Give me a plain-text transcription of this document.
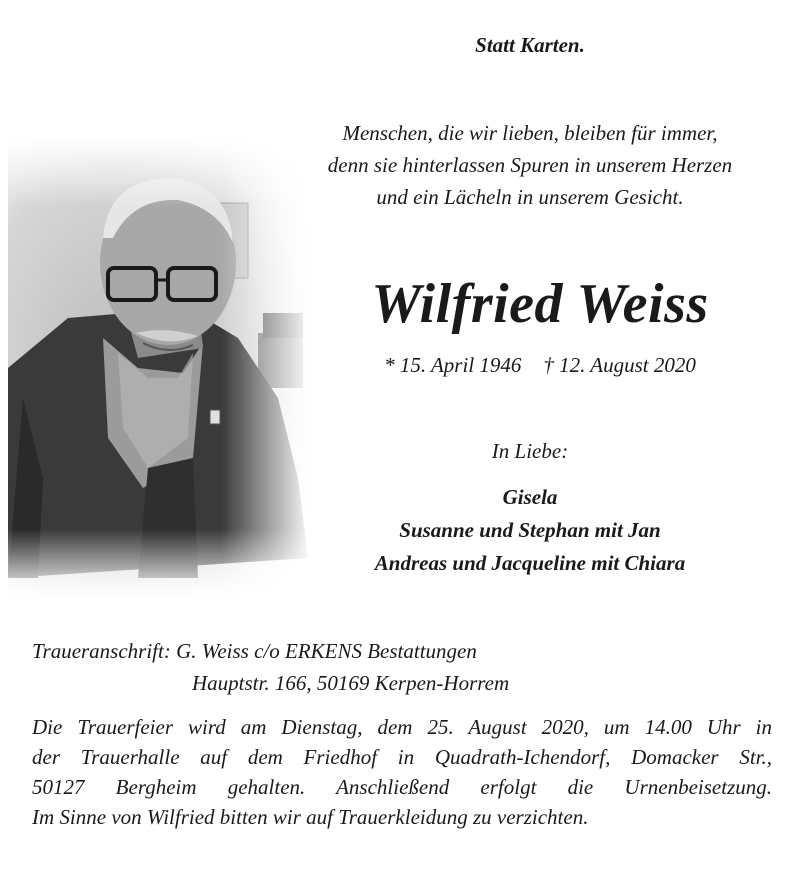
Statt Karten.
Menschen, die wir lieben, bleiben für immer,
denn sie hinterlassen Spuren in unserem Herzen
und ein Lächeln in unserem Gesicht.
Wilfried Weiss
* 15. April 1946 † 12. August 2020
In Liebe:
Gisela
Susanne und Stephan mit Jan
Andreas und Jacqueline mit Chiara
Traueranschrift: G. Weiss c/o ERKENS Bestattungen
Hauptstr. 166, 50169 Kerpen-Horrem
Die Trauerfeier wird am Dienstag, dem 25. August 2020, um 14.00 Uhr in
der Trauerhalle auf dem Friedhof in Quadrath-Ichendorf, Domacker Str.,
50127 Bergheim gehalten. Anschließend erfolgt die Urnenbeisetzung.
Im Sinne von Wilfried bitten wir auf Trauerkleidung zu verzichten.
